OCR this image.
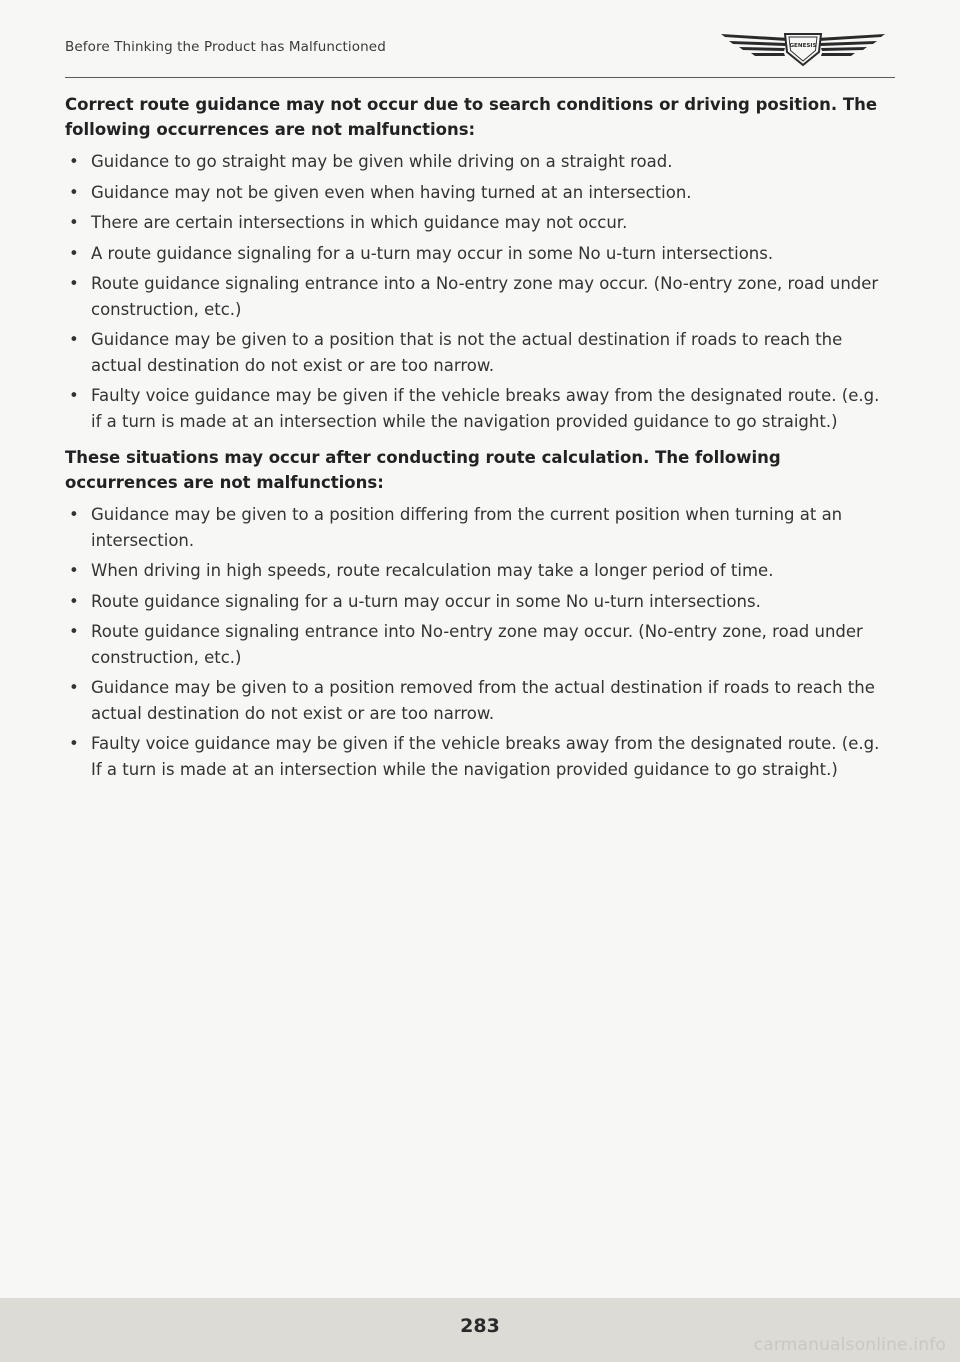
Before Thinking the Product has Malfunctioned	GENESIS

Correct route guidance may not occur due to search conditions or driving position. The following occurrences are not malfunctions:

• Guidance to go straight may be given while driving on a straight road.
• Guidance may not be given even when having turned at an intersection.
• There are certain intersections in which guidance may not occur.
• A route guidance signaling for a u-turn may occur in some No u-turn intersections.
• Route guidance signaling entrance into a No-entry zone may occur. (No-entry zone, road under construction, etc.)
• Guidance may be given to a position that is not the actual destination if roads to reach the actual destination do not exist or are too narrow.
• Faulty voice guidance may be given if the vehicle breaks away from the designated route. (e.g. if a turn is made at an intersection while the navigation provided guidance to go straight.)

These situations may occur after conducting route calculation. The following occurrences are not malfunctions:

• Guidance may be given to a position differing from the current position when turning at an intersection.
• When driving in high speeds, route recalculation may take a longer period of time.
• Route guidance signaling for a u-turn may occur in some No u-turn intersections.
• Route guidance signaling entrance into No-entry zone may occur. (No-entry zone, road under construction, etc.)
• Guidance may be given to a position removed from the actual destination if roads to reach the actual destination do not exist or are too narrow.
• Faulty voice guidance may be given if the vehicle breaks away from the designated route. (e.g. If a turn is made at an intersection while the navigation provided guidance to go straight.)
283
carmanualsonline.info
